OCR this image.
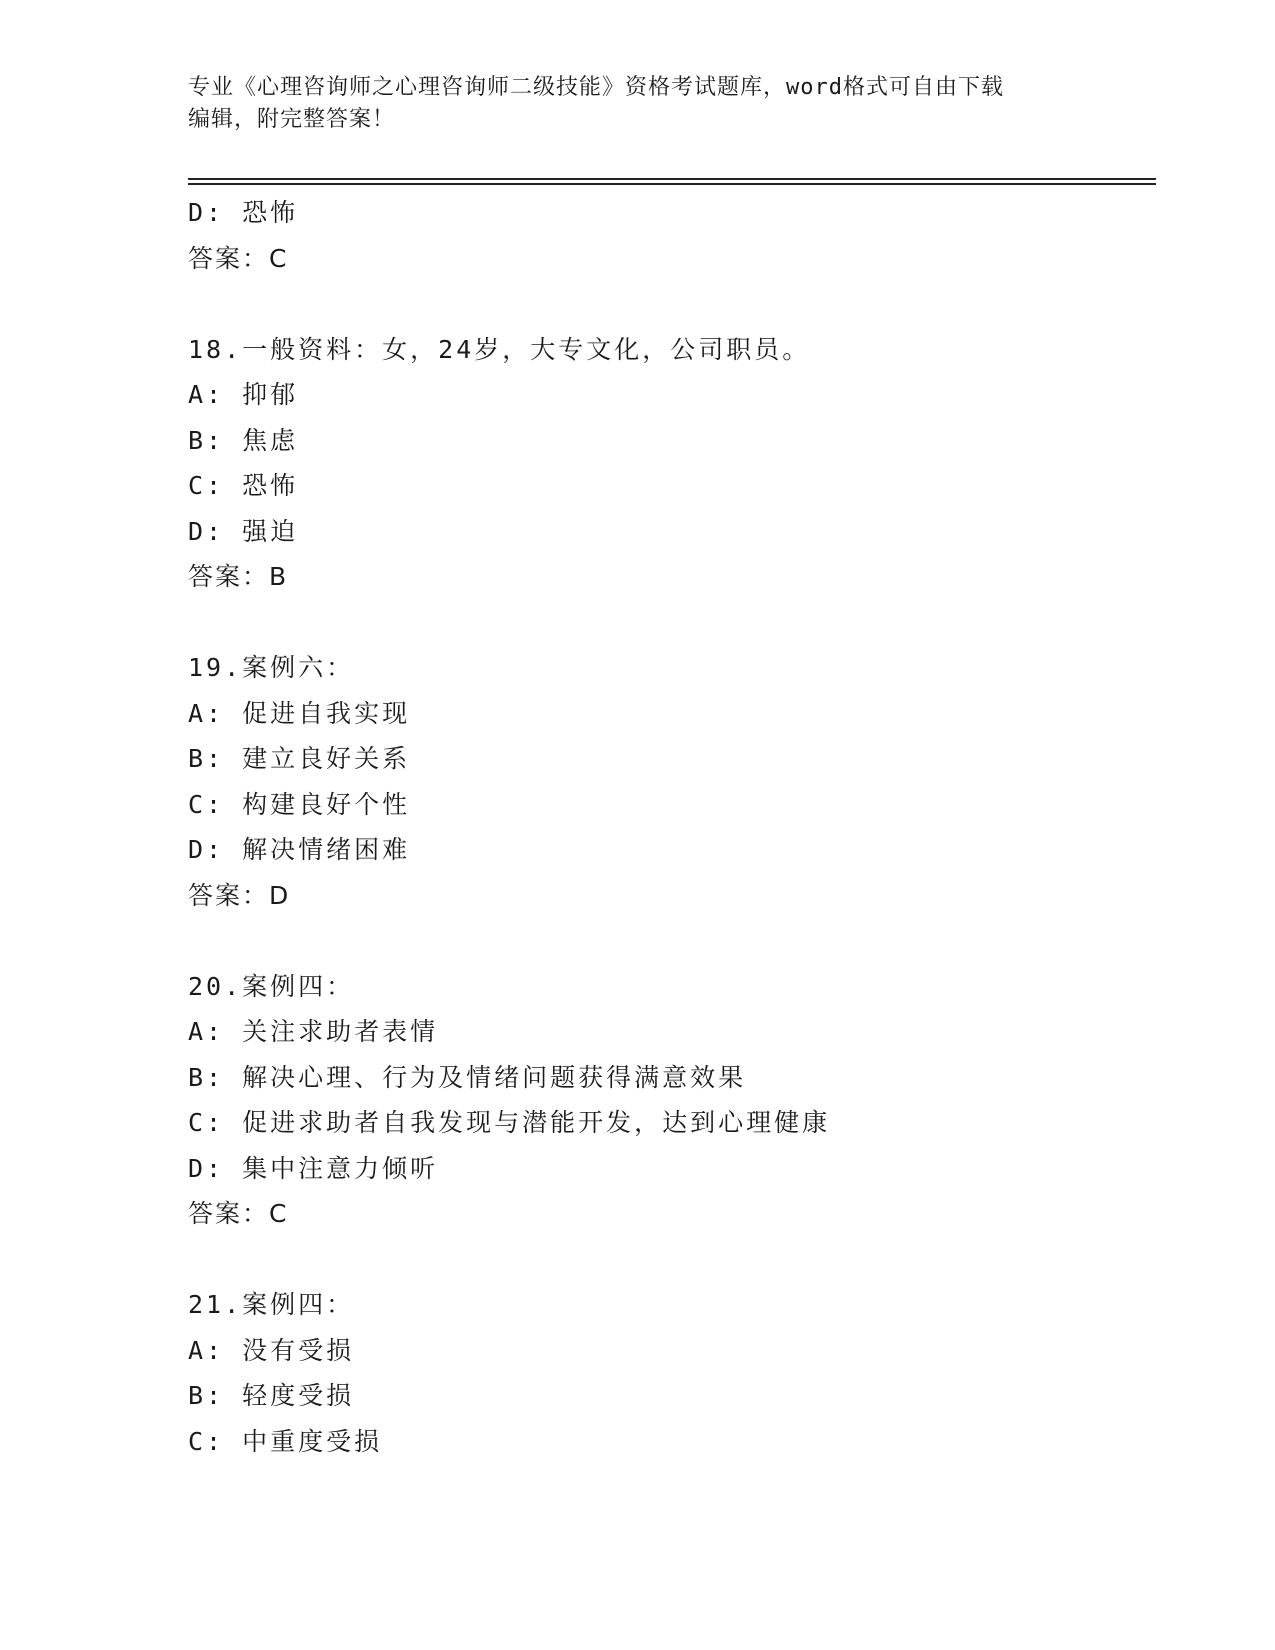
专业《心理咨询师之心理咨询师二级技能》资格考试题库，word格式可自由下载
编辑，附完整答案！
D: 恐怖
答案：C
18.一般资料：女，24岁，大专文化，公司职员。
A: 抑郁
B: 焦虑
C: 恐怖
D: 强迫
答案：B
19.案例六：
A: 促进自我实现
B: 建立良好关系
C: 构建良好个性
D: 解决情绪困难
答案：D
20.案例四：
A: 关注求助者表情
B: 解决心理、行为及情绪问题获得满意效果
C: 促进求助者自我发现与潜能开发，达到心理健康
D: 集中注意力倾听
答案：C
21.案例四：
A: 没有受损
B: 轻度受损
C: 中重度受损
